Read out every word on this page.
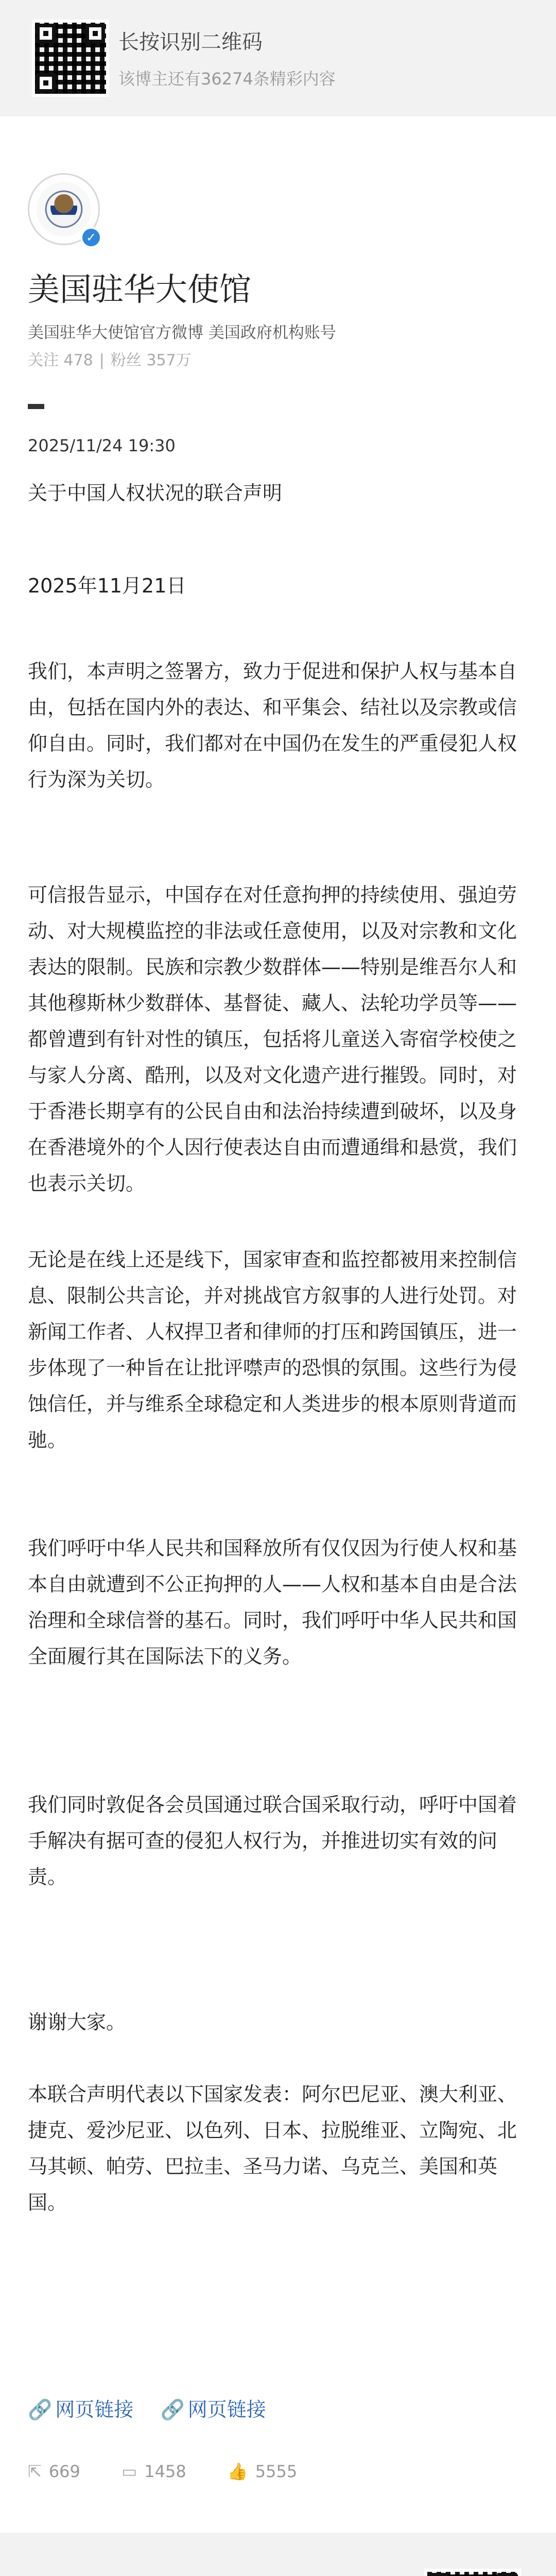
长按识别二维码
该博主还有36274条精彩内容
✓
美国驻华大使馆
美国驻华大使馆官方微博 美国政府机构账号
关注 478 | 粉丝 357万
2025/11/24 19:30
关于中国人权状况的联合声明

2025年11月21日

我们，本声明之签署方，致力于促进和保护人权与基本自由，包括在国内外的表达、和平集会、结社以及宗教或信仰自由。同时，我们都对在中国仍在发生的严重侵犯人权行为深为关切。

可信报告显示，中国存在对任意拘押的持续使用、强迫劳动、对大规模监控的非法或任意使用，以及对宗教和文化表达的限制。民族和宗教少数群体——特别是维吾尔人和其他穆斯林少数群体、基督徒、藏人、法轮功学员等——都曾遭到有针对性的镇压，包括将儿童送入寄宿学校使之与家人分离、酷刑，以及对文化遗产进行摧毁。同时，对于香港长期享有的公民自由和法治持续遭到破坏，以及身在香港境外的个人因行使表达自由而遭通缉和悬赏，我们也表示关切。

无论是在线上还是线下，国家审查和监控都被用来控制信息、限制公共言论，并对挑战官方叙事的人进行处罚。对新闻工作者、人权捍卫者和律师的打压和跨国镇压，进一步体现了一种旨在让批评噤声的恐惧的氛围。这些行为侵蚀信任，并与维系全球稳定和人类进步的根本原则背道而驰。

我们呼吁中华人民共和国释放所有仅仅因为行使人权和基本自由就遭到不公正拘押的人——人权和基本自由是合法治理和全球信誉的基石。同时，我们呼吁中华人民共和国全面履行其在国际法下的义务。

我们同时敦促各会员国通过联合国采取行动，呼吁中国着手解决有据可查的侵犯人权行为，并推进切实有效的问责。

谢谢大家。

本联合声明代表以下国家发表：阿尔巴尼亚、澳大利亚、捷克、爱沙尼亚、以色列、日本、拉脱维亚、立陶宛、北马其顿、帕劳、巴拉圭、圣马力诺、乌克兰、美国和英国。

🔗 网页链接 🔗 网页链接
⇱ 669	▭ 1458	👍 5555
